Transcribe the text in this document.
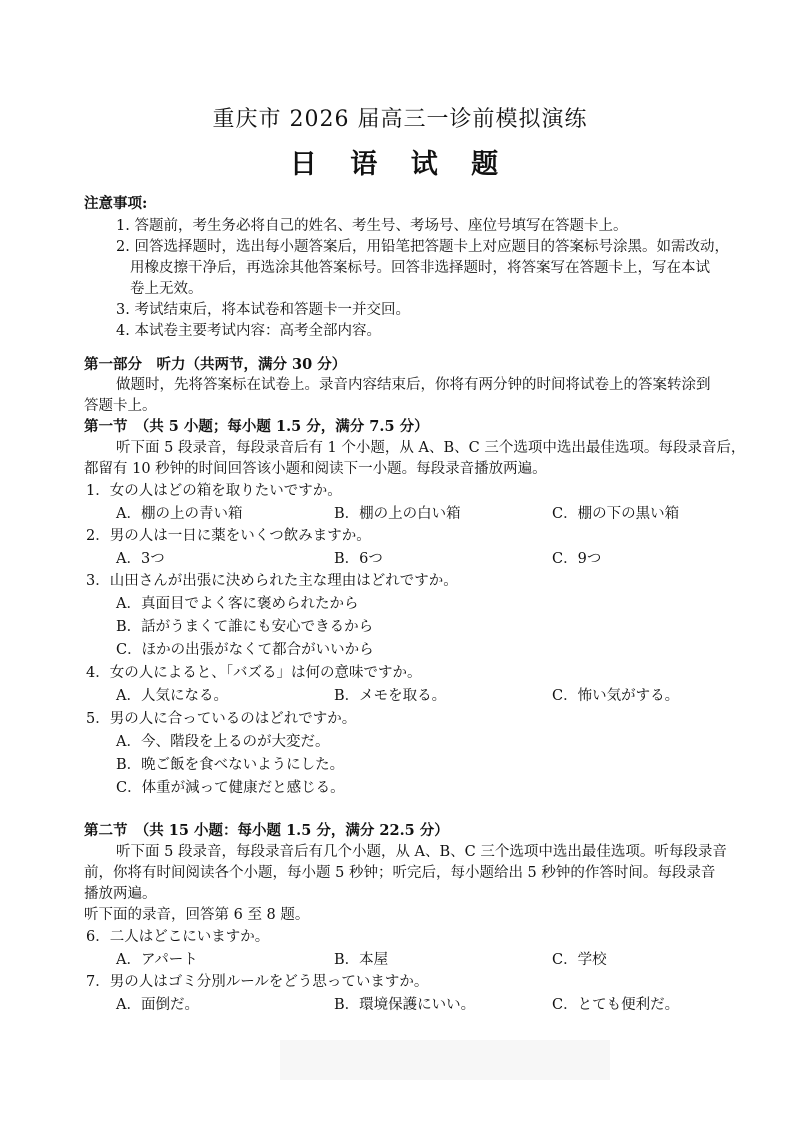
重庆市 2026 届高三一诊前模拟演练
日 语 试 题
注意事项:
1. 答题前，考生务必将自己的姓名、考生号、考场号、座位号填写在答题卡上。
2. 回答选择题时，选出每小题答案后，用铅笔把答题卡上对应题目的答案标号涂黑。如需改动，
用橡皮擦干净后，再选涂其他答案标号。回答非选择题时，将答案写在答题卡上，写在本试
卷上无效。
3. 考试结束后，将本试卷和答题卡一并交回。
4. 本试卷主要考试内容：高考全部内容。
第一部分　听力（共两节，满分 30 分）
做题时，先将答案标在试卷上。录音内容结束后，你将有两分钟的时间将试卷上的答案转涂到
答题卡上。
第一节　（共 5 小题；每小题 1.5 分，满分 7.5 分）
听下面 5 段录音，每段录音后有 1 个小题，从 A、B、C 三个选项中选出最佳选项。每段录音后，
都留有 10 秒钟的时间回答该小题和阅读下一小题。每段录音播放两遍。
1．女の人はどの箱を取りたいですか。
A．棚の上の青い箱	B．棚の上の白い箱	C．棚の下の黒い箱
2．男の人は一日に薬をいくつ飲みますか。
A．3つ	B．6つ	C．9つ
3．山田さんが出張に決められた主な理由はどれですか。
A．真面目でよく客に褒められたから
B．話がうまくて誰にも安心できるから
C．ほかの出張がなくて都合がいいから
4．女の人によると、「バズる」は何の意味ですか。
A．人気になる。	B．メモを取る。	C．怖い気がする。
5．男の人に合っているのはどれですか。
A．今、階段を上るのが大変だ。
B．晩ご飯を食べないようにした。
C．体重が減って健康だと感じる。
第二节　（共 15 小题：每小题 1.5 分，满分 22.5 分）
听下面 5 段录音，每段录音后有几个小题，从 A、B、C 三个选项中选出最佳选项。听每段录音
前，你将有时间阅读各个小题，每小题 5 秒钟；听完后，每小题给出 5 秒钟的作答时间。每段录音
播放两遍。
听下面的录音，回答第 6 至 8 题。
6．二人はどこにいますか。
A．アパート	B．本屋	C．学校
7．男の人はゴミ分別ルールをどう思っていますか。
A．面倒だ。	B．環境保護にいい。	C．とても便利だ。
